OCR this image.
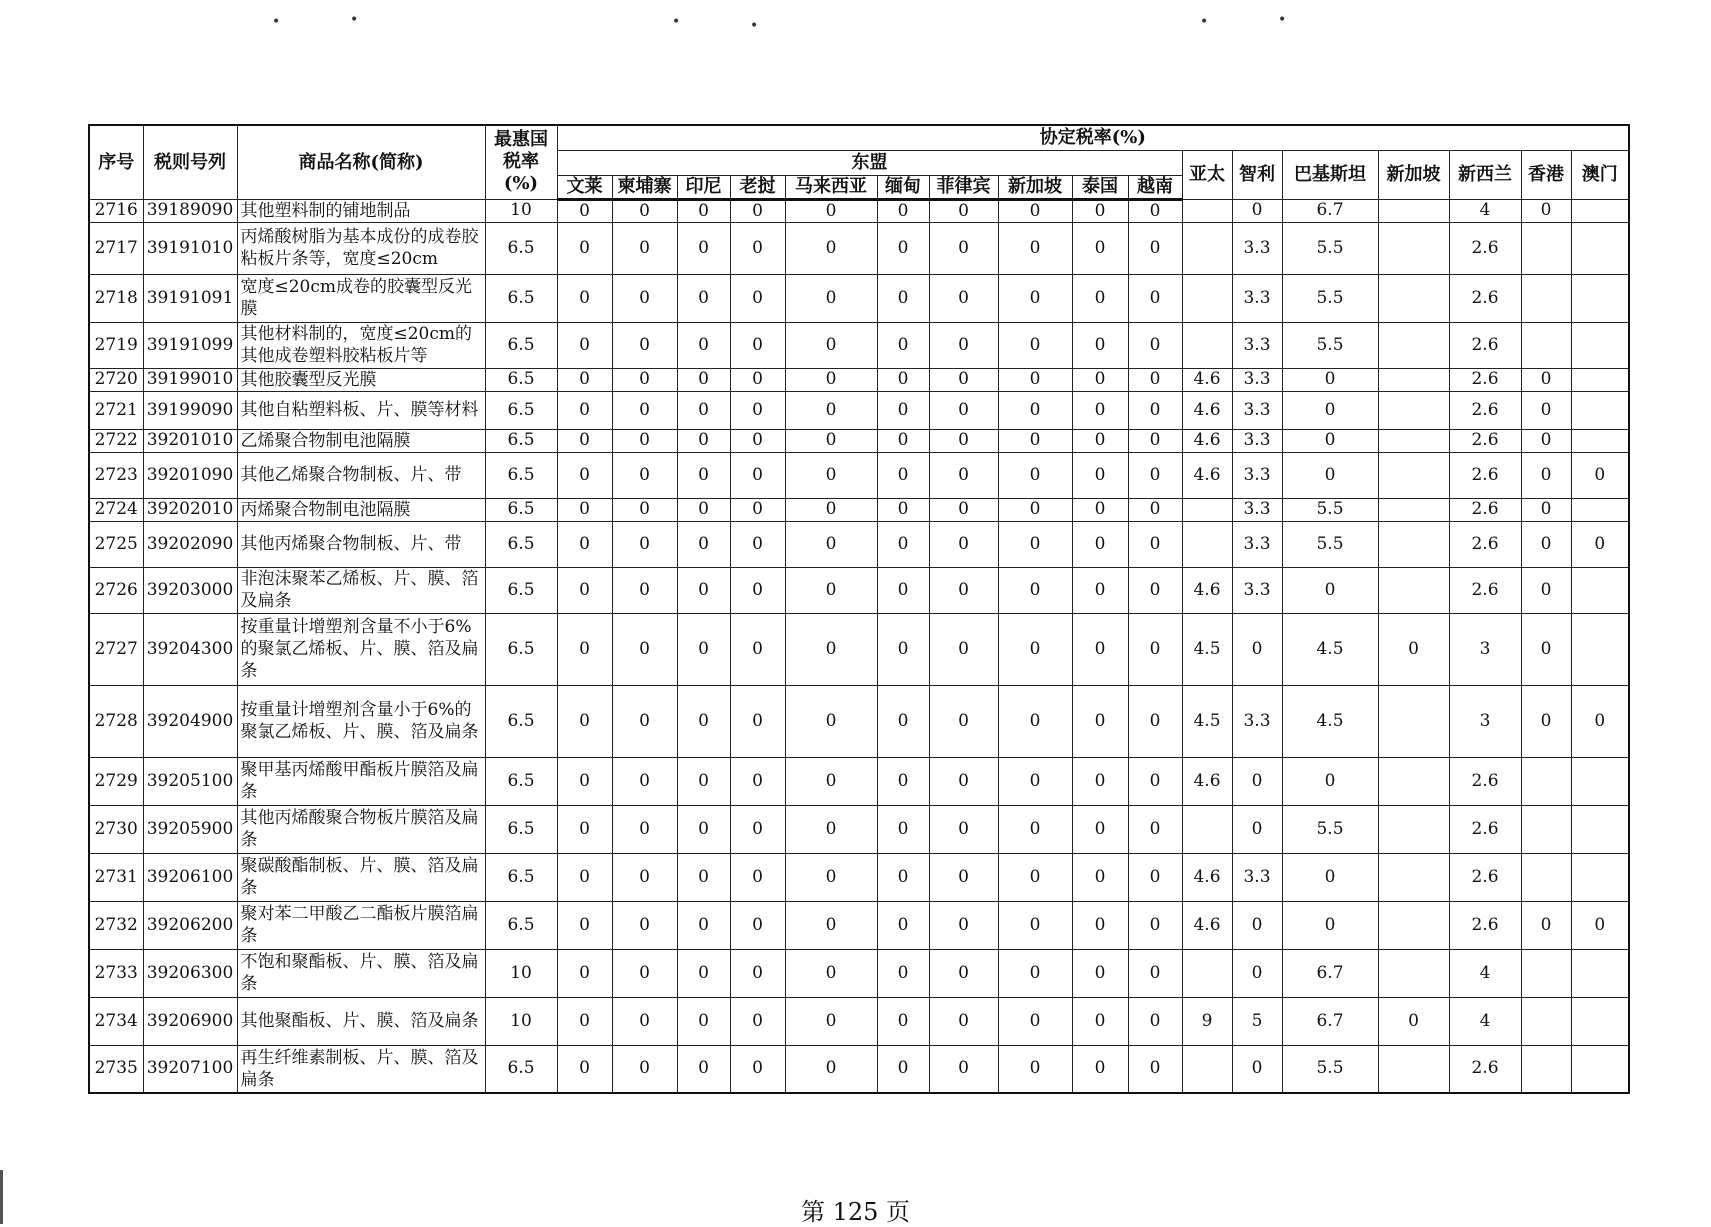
•	•	•	•	•	•
序号	税则号列	商品名称(简称)	最惠国
税率
(%)	协定税率(%)																
				东盟										亚太	智利	巴基斯坦	新加坡	新西兰	香港	澳门
				文莱	柬埔寨	印尼	老挝	马来西亚	缅甸	菲律宾	新加坡	泰国	越南							
2716	39189090	其他塑料制的铺地制品	10	0	0	0	0	0	0	0	0	0	0		0	6.7		4	0	
2717	39191010	丙烯酸树脂为基本成份的成卷胶粘板片条等，宽度≤20cm	6.5	0	0	0	0	0	0	0	0	0	0		3.3	5.5		2.6		
2718	39191091	宽度≤20cm成卷的胶囊型反光膜	6.5	0	0	0	0	0	0	0	0	0	0		3.3	5.5		2.6		
2719	39191099	其他材料制的，宽度≤20cm的其他成卷塑料胶粘板片等	6.5	0	0	0	0	0	0	0	0	0	0		3.3	5.5		2.6		
2720	39199010	其他胶囊型反光膜	6.5	0	0	0	0	0	0	0	0	0	0	4.6	3.3	0		2.6	0	
2721	39199090	其他自粘塑料板、片、膜等材料	6.5	0	0	0	0	0	0	0	0	0	0	4.6	3.3	0		2.6	0	
2722	39201010	乙烯聚合物制电池隔膜	6.5	0	0	0	0	0	0	0	0	0	0	4.6	3.3	0		2.6	0	
2723	39201090	其他乙烯聚合物制板、片、带	6.5	0	0	0	0	0	0	0	0	0	0	4.6	3.3	0		2.6	0	0
2724	39202010	丙烯聚合物制电池隔膜	6.5	0	0	0	0	0	0	0	0	0	0		3.3	5.5		2.6	0	
2725	39202090	其他丙烯聚合物制板、片、带	6.5	0	0	0	0	0	0	0	0	0	0		3.3	5.5		2.6	0	0
2726	39203000	非泡沫聚苯乙烯板、片、膜、箔及扁条	6.5	0	0	0	0	0	0	0	0	0	0	4.6	3.3	0		2.6	0	
2727	39204300	按重量计增塑剂含量不小于6%的聚氯乙烯板、片、膜、箔及扁条	6.5	0	0	0	0	0	0	0	0	0	0	4.5	0	4.5	0	3	0	
2728	39204900	按重量计增塑剂含量小于6%的聚氯乙烯板、片、膜、箔及扁条	6.5	0	0	0	0	0	0	0	0	0	0	4.5	3.3	4.5		3	0	0
2729	39205100	聚甲基丙烯酸甲酯板片膜箔及扁条	6.5	0	0	0	0	0	0	0	0	0	0	4.6	0	0		2.6		
2730	39205900	其他丙烯酸聚合物板片膜箔及扁条	6.5	0	0	0	0	0	0	0	0	0	0		0	5.5		2.6		
2731	39206100	聚碳酸酯制板、片、膜、箔及扁条	6.5	0	0	0	0	0	0	0	0	0	0	4.6	3.3	0		2.6		
2732	39206200	聚对苯二甲酸乙二酯板片膜箔扁条	6.5	0	0	0	0	0	0	0	0	0	0	4.6	0	0		2.6	0	0
2733	39206300	不饱和聚酯板、片、膜、箔及扁条	10	0	0	0	0	0	0	0	0	0	0		0	6.7		4		
2734	39206900	其他聚酯板、片、膜、箔及扁条	10	0	0	0	0	0	0	0	0	0	0	9	5	6.7	0	4		
2735	39207100	再生纤维素制板、片、膜、箔及扁条	6.5	0	0	0	0	0	0	0	0	0	0		0	5.5		2.6		
第 125 页
